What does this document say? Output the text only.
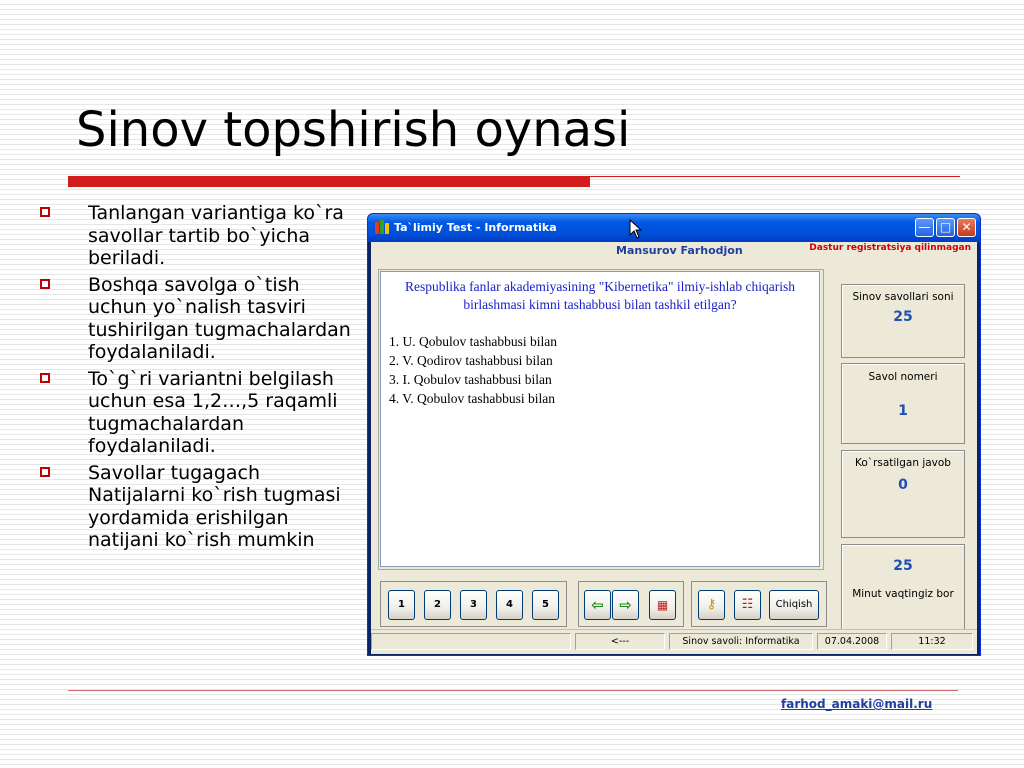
Sinov topshirish oynasi
Tanlangan variantiga ko`ra savollar tartib bo`yicha beriladi.
Boshqa savolga o`tish uchun yo`nalish tasviri tushirilgan tugmachalardan foydalaniladi.
To`g`ri variantni belgilash uchun esa 1,2…,5 raqamli tugmachalardan foydalaniladi.
Savollar tugagach Natijalarni ko`rish tugmasi yordamida erishilgan natijani ko`rish mumkin
Ta`limiy Test - Informatika	— □ ✕
Mansurov Farhodjon	Dastur registratsiya qilinmagan
Respublika fanlar akademiyasining "Kibernetika" ilmiy-ishlab chiqarish birlashmasi kimni tashabbusi bilan tashkil etilgan?
1. U. Qobulov tashabbusi bilan
2. V. Qodirov tashabbusi bilan
3. I. Qobulov tashabbusi bilan
4. V. Qobulov tashabbusi bilan
Sinov savollari soni
25
Savol nomeri
1
Ko`rsatilgan javob
0
25
Minut vaqtingiz bor
1	2	3	4	5	⇦	⇨	▦	⚷	☷	Chiqish
<---	Sinov savoli: Informatika	07.04.2008	11:32
farhod_amaki@mail.ru
